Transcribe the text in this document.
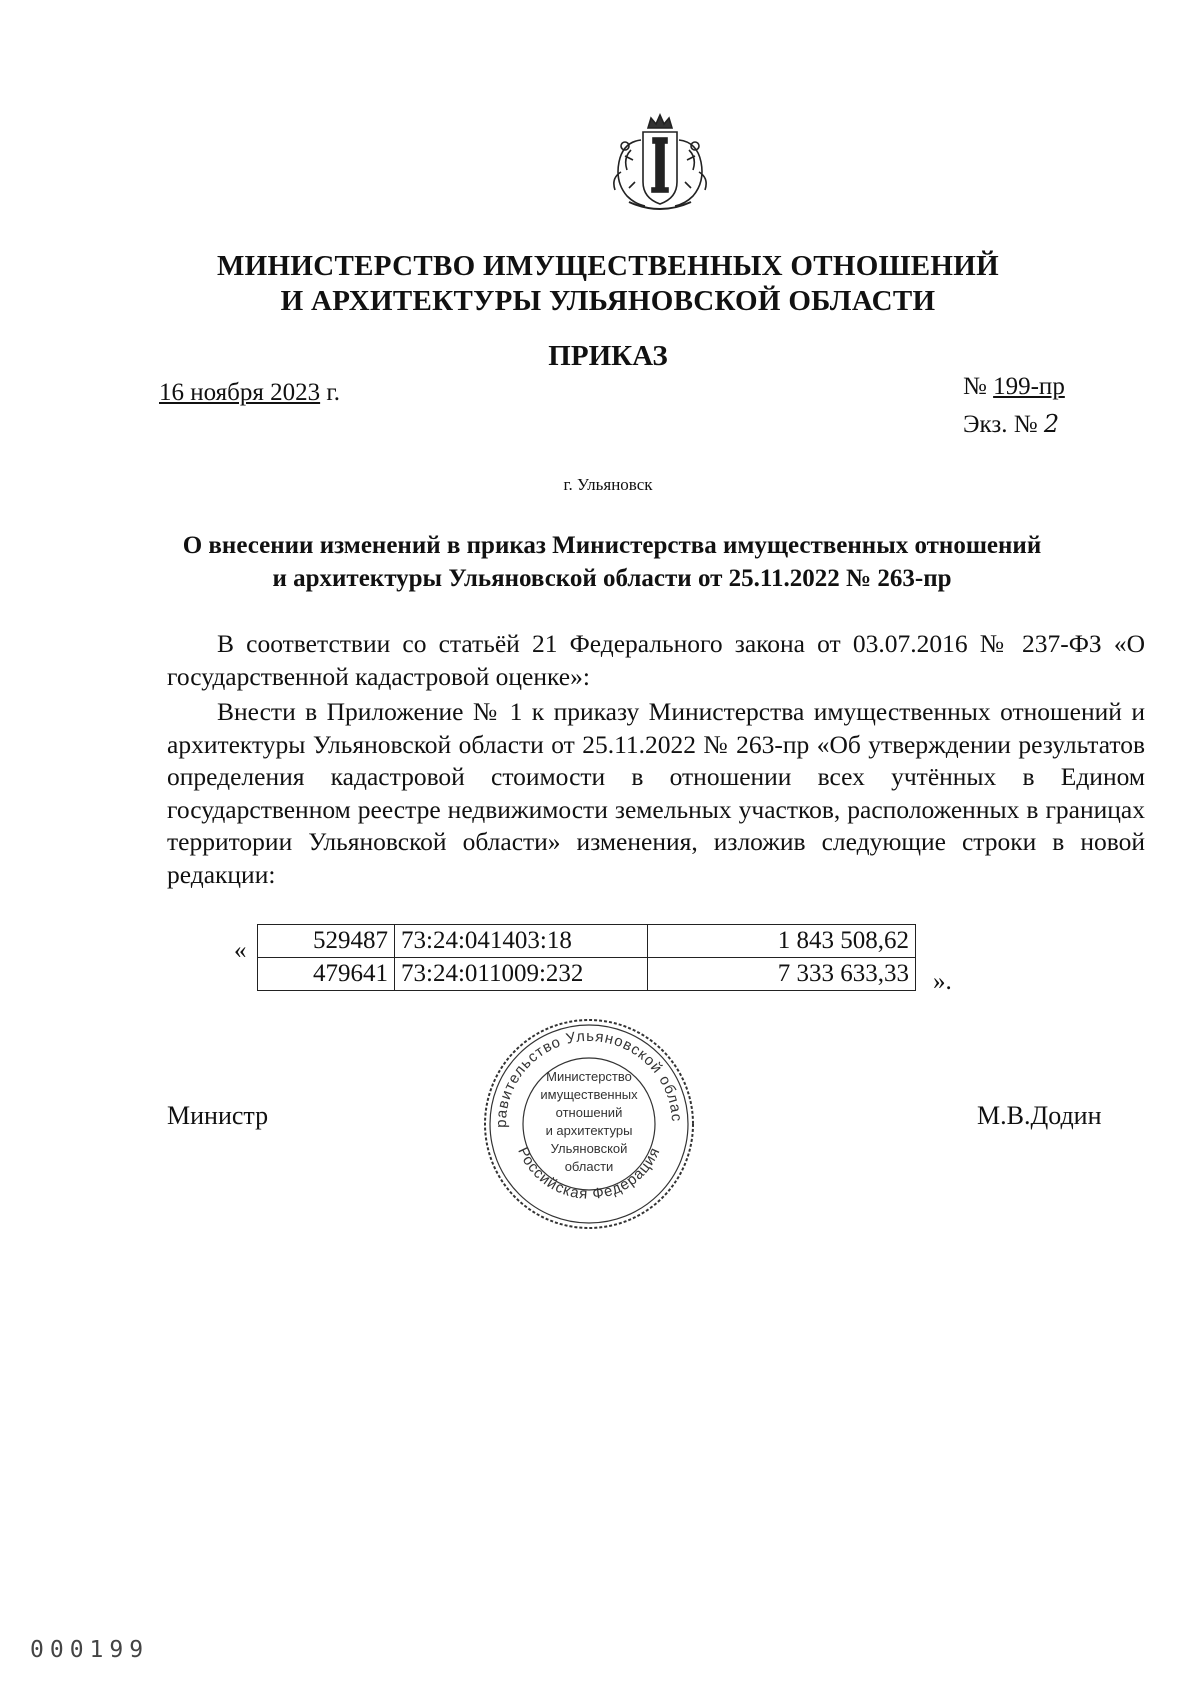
МИНИСТЕРСТВО ИМУЩЕСТВЕННЫХ ОТНОШЕНИЙ
И АРХИТЕКТУРЫ УЛЬЯНОВСКОЙ ОБЛАСТИ
ПРИКАЗ
16 ноября 2023 г.	№ 199-пр
Экз. № 2
г. Ульяновск
О внесении изменений в приказ Министерства имущественных отношений
и архитектуры Ульяновской области от 25.11.2022 № 263-пр
В соответствии со статьёй 21 Федерального закона от 03.07.2016 № 237-ФЗ «О государственной кадастровой оценке»:
Внести в Приложение № 1 к приказу Министерства имущественных отношений и архитектуры Ульяновской области от 25.11.2022 № 263-пр «Об утверждении результатов определения кадастровой стоимости в отношении всех учтённых в Едином государственном реестре недвижимости земельных участков, расположенных в границах территории Ульяновской области» изменения, изложив следующие строки в новой редакции:
«	529487	73:24:041403:18	1 843 508,62
479641	73:24:011009:232	7 333 633,33 ».
Министр	М.В.Додин
равительство Ульяновской облас
Российская Федерация
Министерство
имущественных
отношений
и архитектуры
Ульяновской
области
000199
